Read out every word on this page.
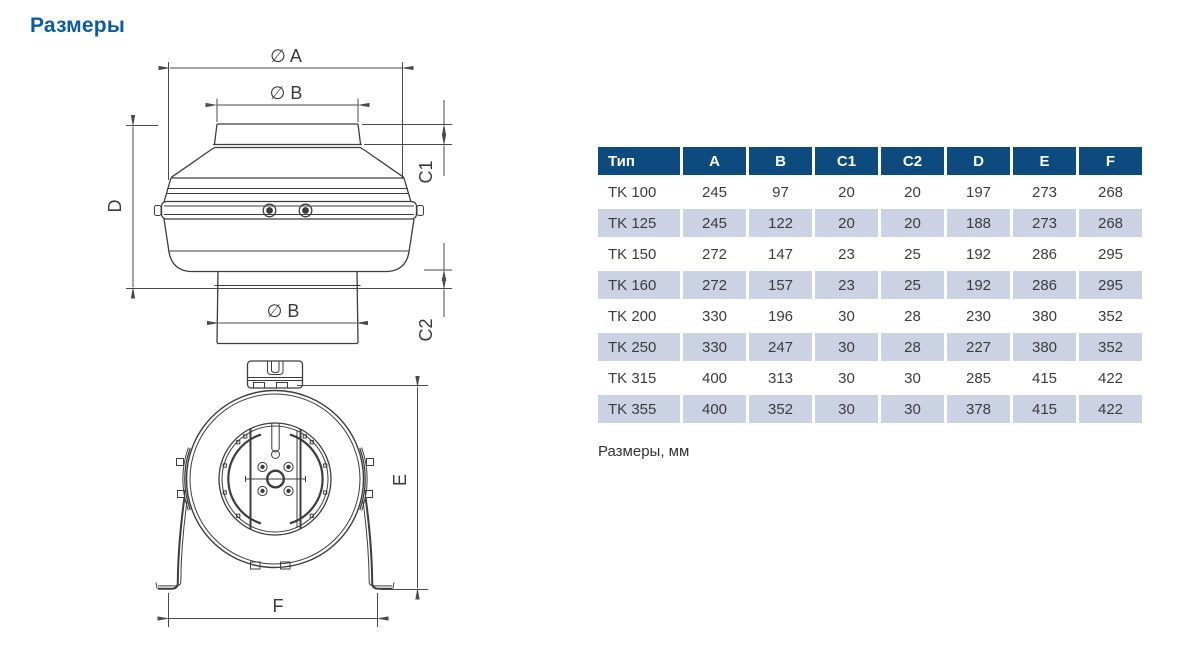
Размеры
∅ A
∅ B
D
C1
C2
∅ B
E
F
Тип	A	B	C1	C2	D	E	F
TK 100	245	97	20	20	197	273	268
TK 125	245	122	20	20	188	273	268
TK 150	272	147	23	25	192	286	295
TK 160	272	157	23	25	192	286	295
TK 200	330	196	30	28	230	380	352
TK 250	330	247	30	28	227	380	352
TK 315	400	313	30	30	285	415	422
TK 355	400	352	30	30	378	415	422

Размеры, мм
